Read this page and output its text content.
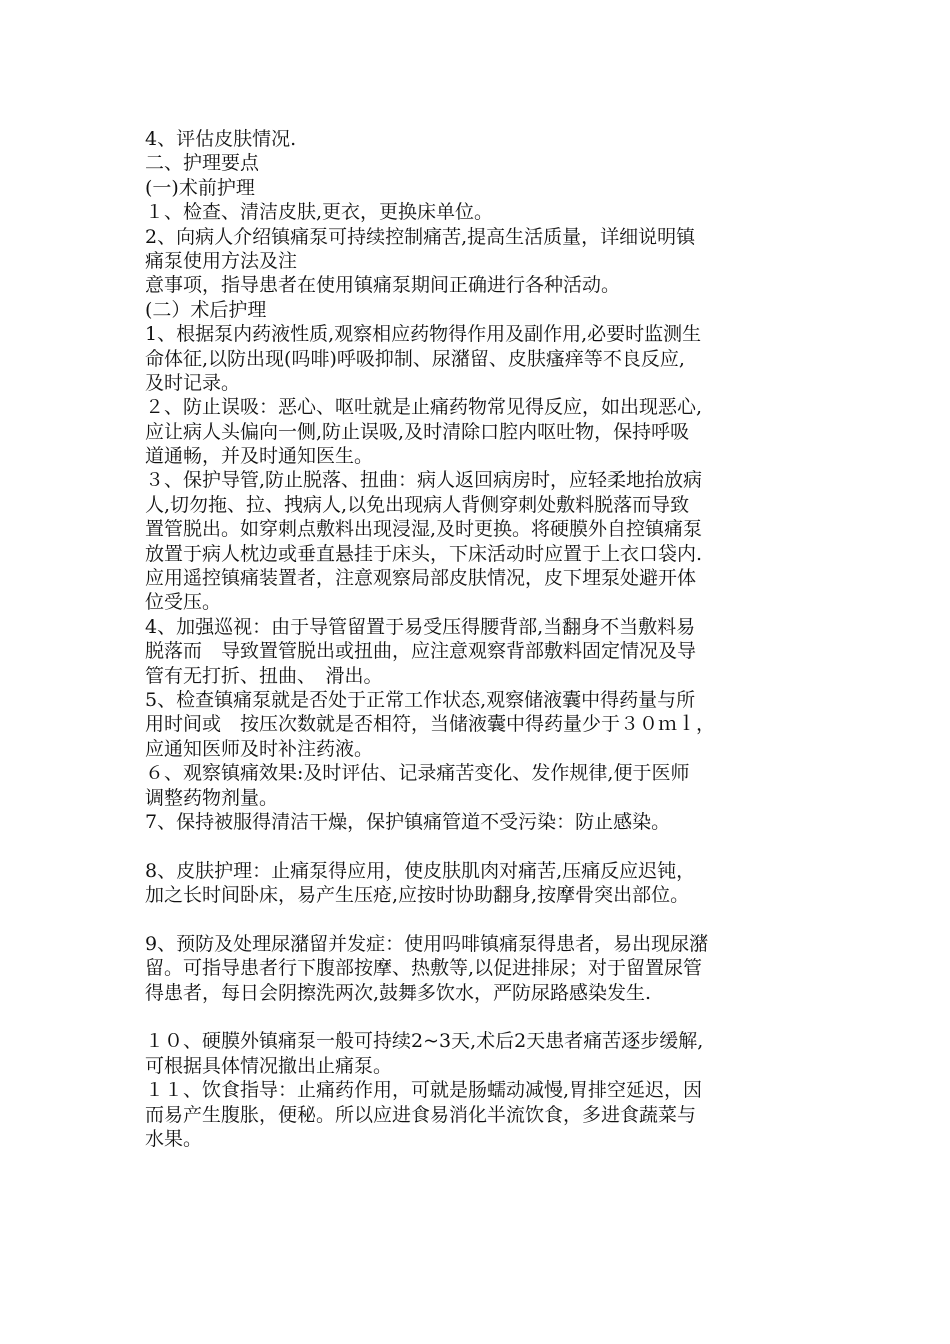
4、评估皮肤情况.
二、护理要点
(一)术前护理
１、检查、清洁皮肤,更衣，更换床单位。
2、向病人介绍镇痛泵可持续控制痛苦,提高生活质量，详细说明镇
痛泵使用方法及注
意事项，指导患者在使用镇痛泵期间正确进行各种活动。
(二）术后护理
1、根据泵内药液性质,观察相应药物得作用及副作用,必要时监测生
命体征,以防出现(吗啡)呼吸抑制、尿潴留、皮肤瘙痒等不良反应,
及时记录。
２、防止误吸：恶心、呕吐就是止痛药物常见得反应，如出现恶心,
应让病人头偏向一侧,防止误吸,及时清除口腔内呕吐物，保持呼吸
道通畅，并及时通知医生。
３、保护导管,防止脱落、扭曲：病人返回病房时，应轻柔地抬放病
人,切勿拖、拉、拽病人,以免出现病人背侧穿刺处敷料脱落而导致
置管脱出。如穿刺点敷料出现浸湿,及时更换。将硬膜外自控镇痛泵
放置于病人枕边或垂直悬挂于床头，下床活动时应置于上衣口袋内.
应用遥控镇痛装置者，注意观察局部皮肤情况，皮下埋泵处避开体
位受压。
4、加强巡视：由于导管留置于易受压得腰背部,当翻身不当敷料易
脱落而　导致置管脱出或扭曲，应注意观察背部敷料固定情况及导
管有无打折、扭曲、　滑出。
5、检查镇痛泵就是否处于正常工作状态,观察储液囊中得药量与所
用时间或　按压次数就是否相符，当储液囊中得药量少于３０ｍｌ，
应通知医师及时补注药液。
６、观察镇痛效果:及时评估、记录痛苦变化、发作规律,便于医师
调整药物剂量。
7、保持被服得清洁干燥，保护镇痛管道不受污染：防止感染。
8、皮肤护理：止痛泵得应用，使皮肤肌肉对痛苦,压痛反应迟钝，
加之长时间卧床，易产生压疮,应按时协助翻身,按摩骨突出部位。
9、预防及处理尿潴留并发症：使用吗啡镇痛泵得患者，易出现尿潴
留。可指导患者行下腹部按摩、热敷等,以促进排尿；对于留置尿管
得患者，每日会阴擦洗两次,鼓舞多饮水，严防尿路感染发生.
１０、硬膜外镇痛泵一般可持续2~3天,术后2天患者痛苦逐步缓解,
可根据具体情况撤出止痛泵。
１１、饮食指导：止痛药作用，可就是肠蠕动减慢,胃排空延迟，因
而易产生腹胀，便秘。所以应进食易消化半流饮食，多进食蔬菜与
水果。
